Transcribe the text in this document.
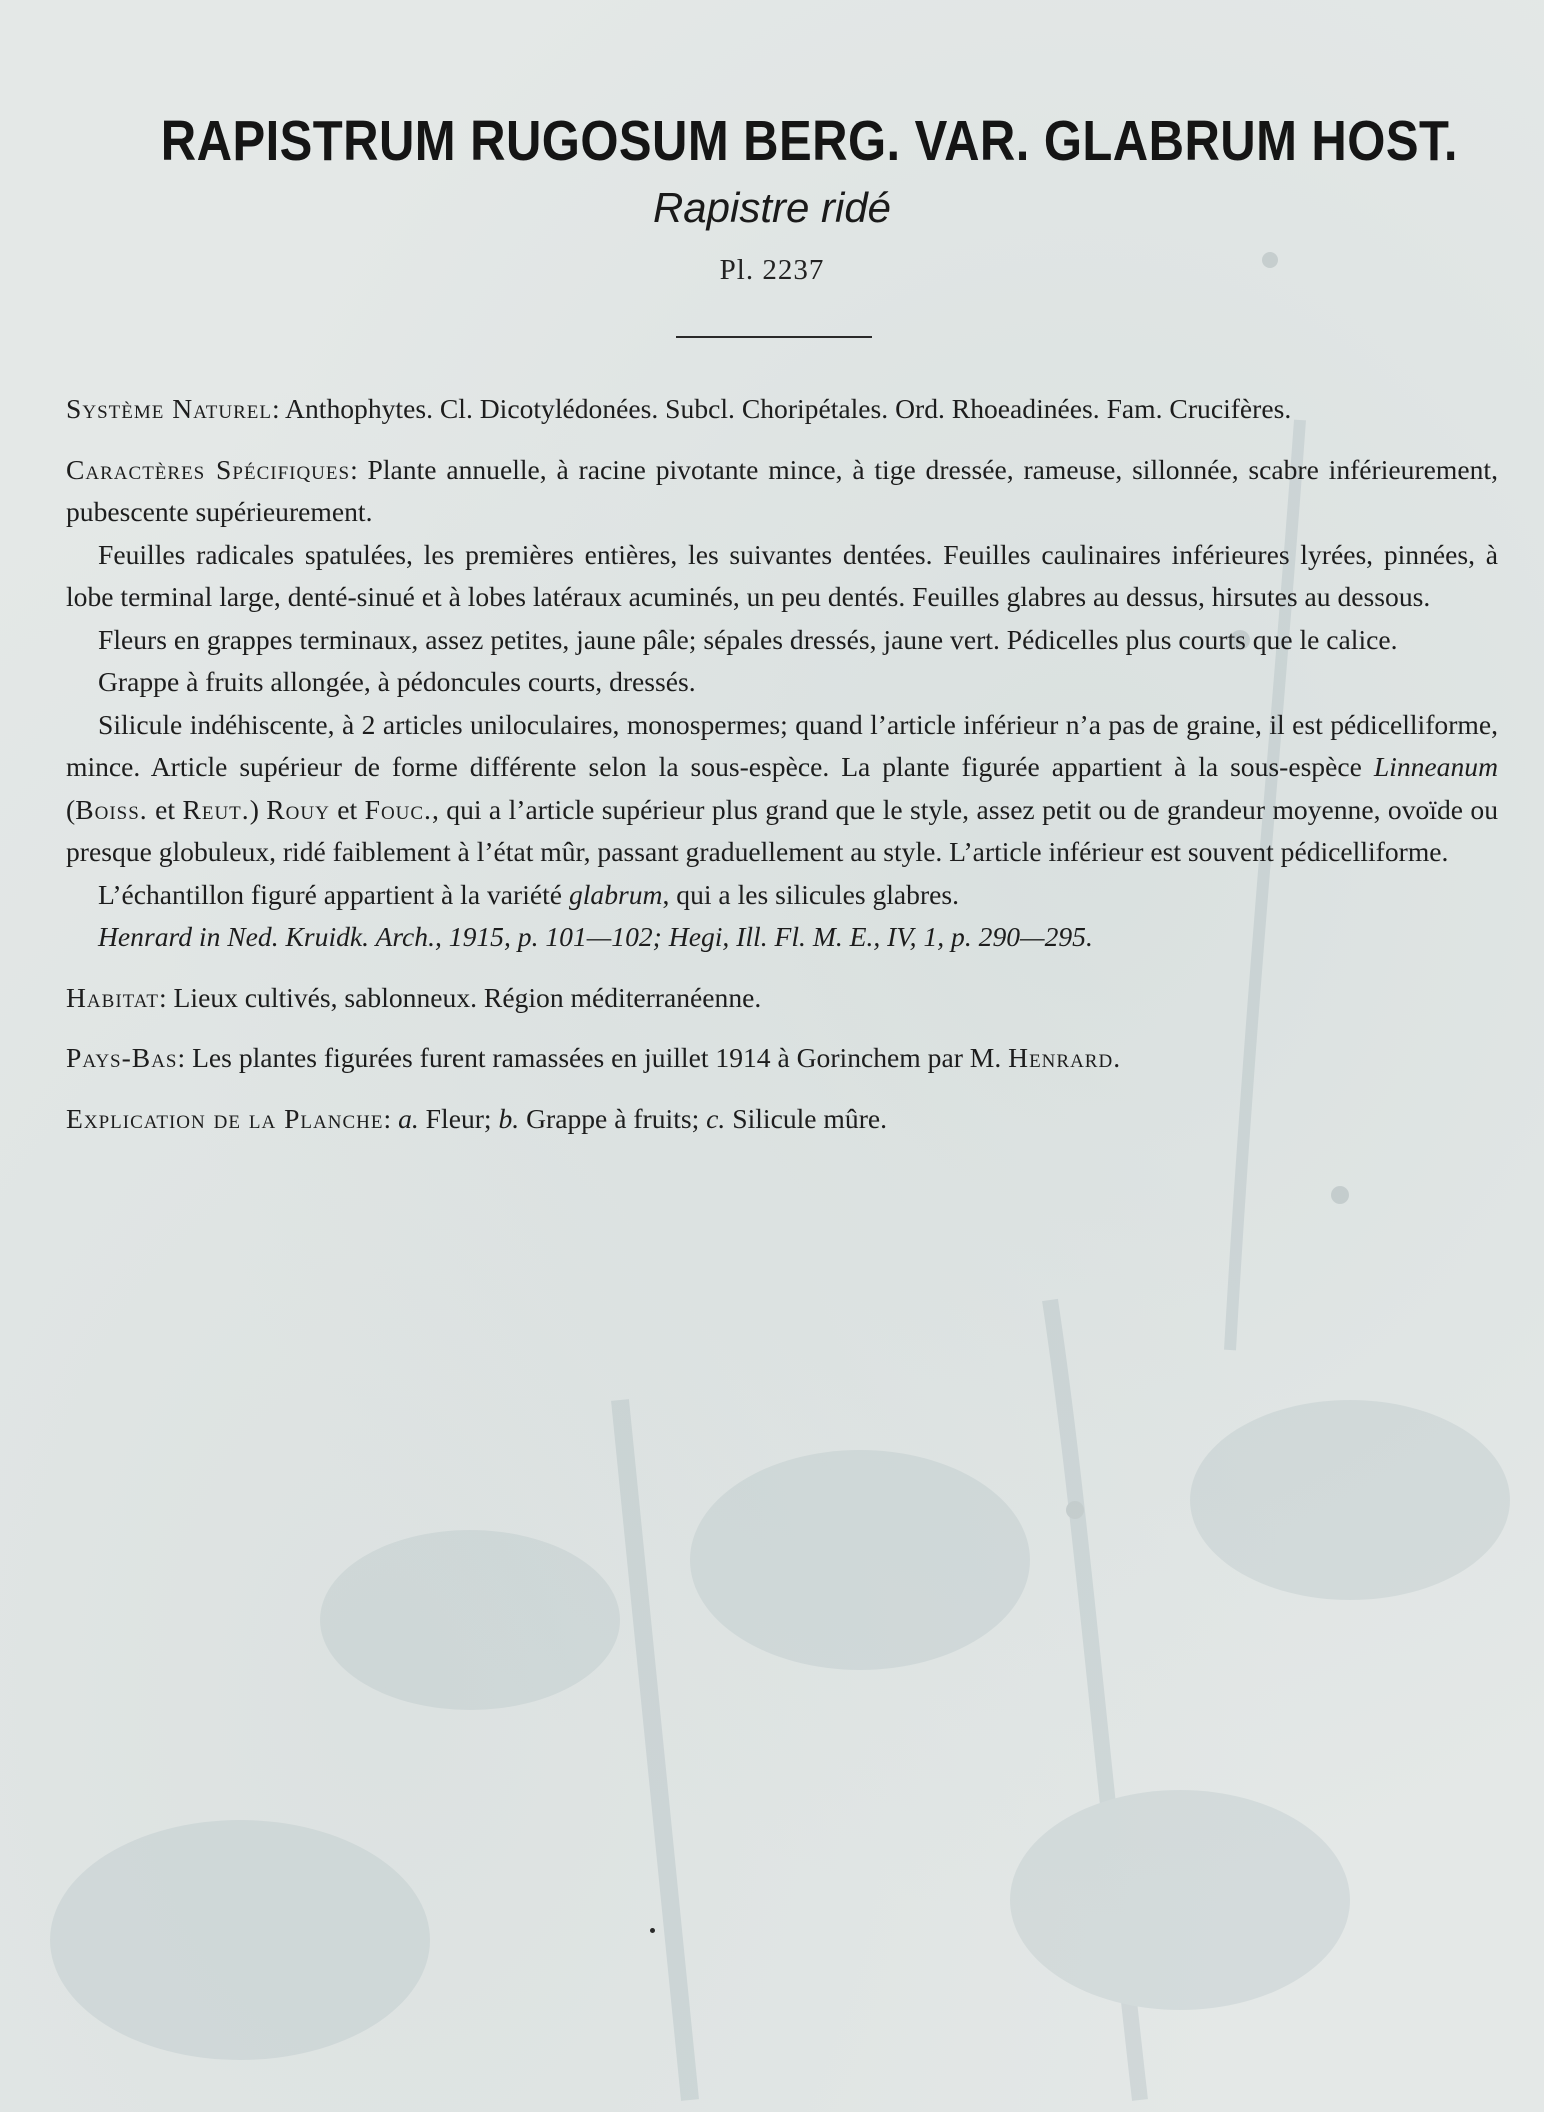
RAPISTRUM RUGOSUM BERG. VAR. GLABRUM HOST.
Rapistre ridé
Pl. 2237

Système Naturel: Anthophytes. Cl. Dicotylédonées. Subcl. Choripétales. Ord. Rhoeadinées. Fam. Crucifères.

Caractères Spécifiques: Plante annuelle, à racine pivotante mince, à tige dressée, rameuse, sillonnée, scabre inférieurement, pubescente supérieurement.

Feuilles radicales spatulées, les premières entières, les suivantes dentées. Feuilles caulinaires inférieures lyrées, pinnées, à lobe terminal large, denté-sinué et à lobes latéraux acuminés, un peu dentés. Feuilles glabres au dessus, hirsutes au dessous.

Fleurs en grappes terminaux, assez petites, jaune pâle; sépales dressés, jaune vert. Pédicelles plus courts que le calice.

Grappe à fruits allongée, à pédoncules courts, dressés.

Silicule indéhiscente, à 2 articles uniloculaires, monospermes; quand l’article inférieur n’a pas de graine, il est pédicelliforme, mince. Article supérieur de forme différente selon la sous-espèce. La plante figurée appartient à la sous-espèce Linneanum (Boiss. et Reut.) Rouy et Fouc., qui a l’article supérieur plus grand que le style, assez petit ou de grandeur moyenne, ovoïde ou presque globuleux, ridé faiblement à l’état mûr, passant graduellement au style. L’article inférieur est souvent pédicelliforme.

L’échantillon figuré appartient à la variété glabrum, qui a les silicules glabres.

Henrard in Ned. Kruidk. Arch., 1915, p. 101—102; Hegi, Ill. Fl. M. E., IV, 1, p. 290—295.

Habitat: Lieux cultivés, sablonneux. Région méditerranéenne.

Pays-Bas: Les plantes figurées furent ramassées en juillet 1914 à Gorinchem par M. Henrard.

Explication de la Planche: a. Fleur; b. Grappe à fruits; c. Silicule mûre.
